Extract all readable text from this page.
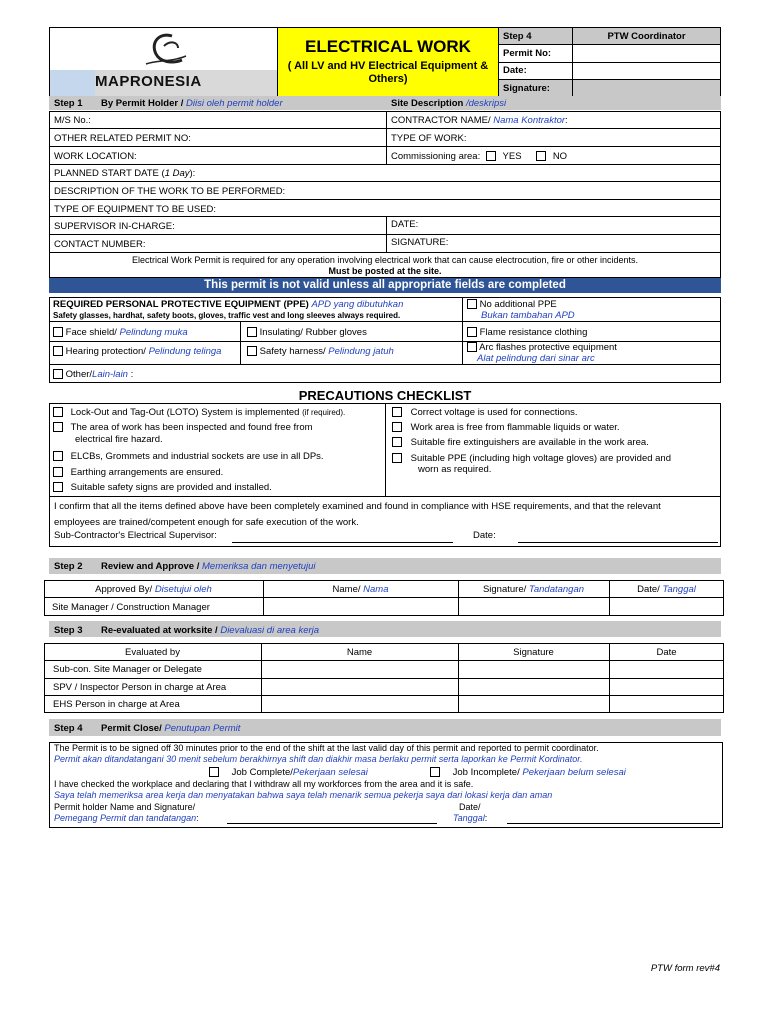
MAPRONESIA
ELECTRICAL WORK
( All LV and HV Electrical Equipment & Others)
Step 4	PTW Coordinator
Permit No:
Date:
Signature:
Step 1 By Permit Holder / Diisi oleh permit holder	Site Description /deskripsi
M/S No.:	CONTRACTOR NAME/ Nama Kontraktor:
OTHER RELATED PERMIT NO:	TYPE OF WORK:
WORK LOCATION:	Commissioning area: YES	NO
PLANNED START DATE (1 Day):
DESCRIPTION OF THE WORK TO BE PERFORMED:
TYPE OF EQUIPMENT TO BE USED:
SUPERVISOR IN-CHARGE:	DATE:
CONTACT NUMBER:	SIGNATURE:
Electrical Work Permit is required for any operation involving electrical work that can cause electrocution, fire or other incidents.
Must be posted at the site.
This permit is not valid unless all appropriate fields are completed
REQUIRED PERSONAL PROTECTIVE EQUIPMENT (PPE) APD yang dibutuhkan
Safety glasses, hardhat, safety boots, gloves, traffic vest and long sleeves always required.
No additional PPE
Bukan tambahan APD
Face shield/ Pelindung muka	Insulating/ Rubber gloves	Flame resistance clothing
Hearing protection/ Pelindung telinga	Safety harness/ Pelindung jatuh	Arc flashes protective equipment
Alat pelindung dari sinar arc
Other/Lain-lain :
PRECAUTIONS CHECKLIST
Lock-Out and Tag-Out (LOTO) System is implemented (if required).
The area of work has been inspected and found free from
electrical fire hazard.
ELCBs, Grommets and industrial sockets are use in all DPs.
Earthing arrangements are ensured.
Suitable safety signs are provided and installed.
Correct voltage is used for connections.
Work area is free from flammable liquids or water.
Suitable fire extinguishers are available in the work area.
Suitable PPE (including high voltage gloves) are provided and
worn as required.
I confirm that all the items defined above have been completely examined and found in compliance with HSE requirements, and that the relevant
employees are trained/competent enough for safe execution of the work.
Sub-Contractor's Electrical Supervisor:	Date:
Step 2 Review and Approve / Memeriksa dan menyetujui
Approved By/ Disetujui oleh	Name/ Nama	Signature/ Tandatangan	Date/ Tanggal
Site Manager / Construction Manager
Step 3 Re-evaluated at worksite / Dievaluasi di area kerja
Evaluated by	Name	Signature	Date
Sub-con. Site Manager or Delegate
SPV / Inspector Person in charge at Area
EHS Person in charge at Area
Step 4 Permit Close/ Penutupan Permit
The Permit is to be signed off 30 minutes prior to the end of the shift at the last valid day of this permit and reported to permit coordinator.
Permit akan ditandatangani 30 menit sebelum berakhirnya shift dan diakhir masa berlaku permit serta laporkan ke Permit Kordinator.
Job Complete/Pekerjaan selesai	Job Incomplete/ Pekerjaan belum selesai
I have checked the workplace and declaring that I withdraw all my workforces from the area and it is safe.
Saya telah memeriksa area kerja dan menyatakan bahwa saya telah menarik semua pekerja saya dari lokasi kerja dan aman
Permit holder Name and Signature/
Pemegang Permit dan tandatangan:
Date/
Tanggal:
PTW form rev#4
